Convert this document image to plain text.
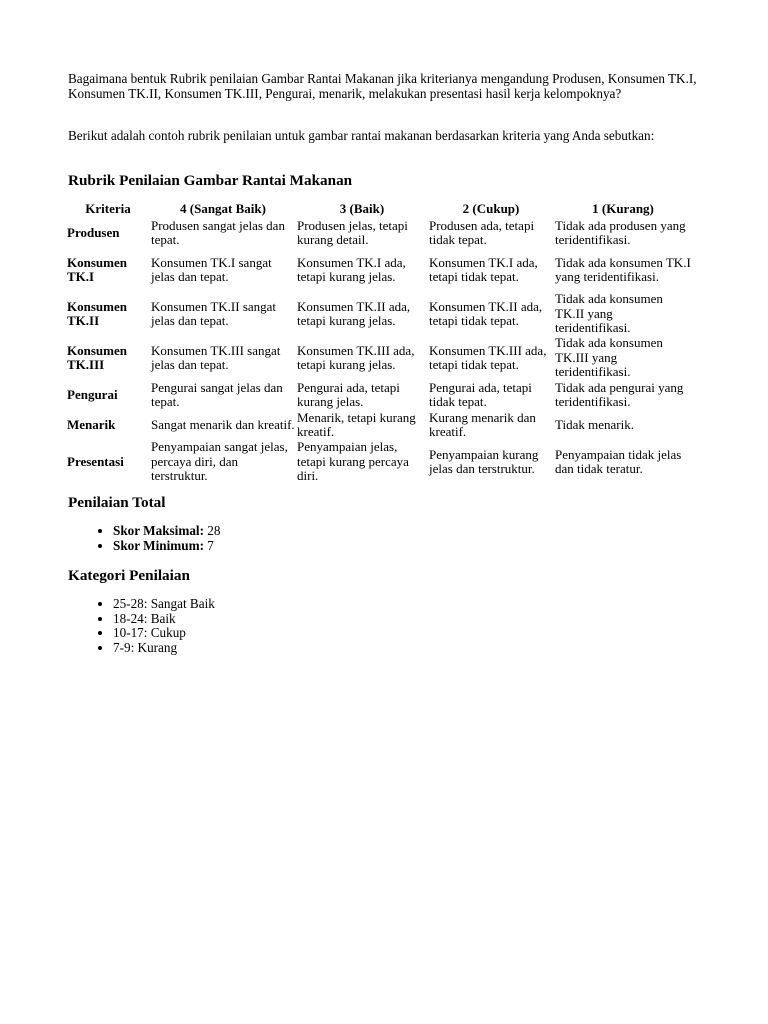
Bagaimana bentuk Rubrik penilaian Gambar Rantai Makanan jika kriterianya mengandung Produsen, Konsumen TK.I, Konsumen TK.II, Konsumen TK.III, Pengurai, menarik, melakukan presentasi hasil kerja kelompoknya?

Berikut adalah contoh rubrik penilaian untuk gambar rantai makanan berdasarkan kriteria yang Anda sebutkan:

Rubrik Penilaian Gambar Rantai Makanan
Kriteria	4 (Sangat Baik)	3 (Baik)	2 (Cukup)	1 (Kurang)
Produsen	Produsen sangat jelas dan tepat.	Produsen jelas, tetapi kurang detail.	Produsen ada, tetapi tidak tepat.	Tidak ada produsen yang teridentifikasi.
Konsumen TK.I	Konsumen TK.I sangat jelas dan tepat.	Konsumen TK.I ada, tetapi kurang jelas.	Konsumen TK.I ada, tetapi tidak tepat.	Tidak ada konsumen TK.I yang teridentifikasi.
Konsumen TK.II	Konsumen TK.II sangat jelas dan tepat.	Konsumen TK.II ada, tetapi kurang jelas.	Konsumen TK.II ada, tetapi tidak tepat.	Tidak ada konsumen TK.II yang teridentifikasi.
Konsumen TK.III	Konsumen TK.III sangat jelas dan tepat.	Konsumen TK.III ada, tetapi kurang jelas.	Konsumen TK.III ada, tetapi tidak tepat.	Tidak ada konsumen TK.III yang teridentifikasi.
Pengurai	Pengurai sangat jelas dan tepat.	Pengurai ada, tetapi kurang jelas.	Pengurai ada, tetapi tidak tepat.	Tidak ada pengurai yang teridentifikasi.
Menarik	Sangat menarik dan kreatif.	Menarik, tetapi kurang kreatif.	Kurang menarik dan kreatif.	Tidak menarik.
Presentasi	Penyampaian sangat jelas, percaya diri, dan terstruktur.	Penyampaian jelas, tetapi kurang percaya diri.	Penyampaian kurang jelas dan terstruktur.	Penyampaian tidak jelas dan tidak teratur.
Penilaian Total
• Skor Maksimal: 28
• Skor Minimum: 7
Kategori Penilaian
• 25-28: Sangat Baik
• 18-24: Baik
• 10-17: Cukup
• 7-9: Kurang
